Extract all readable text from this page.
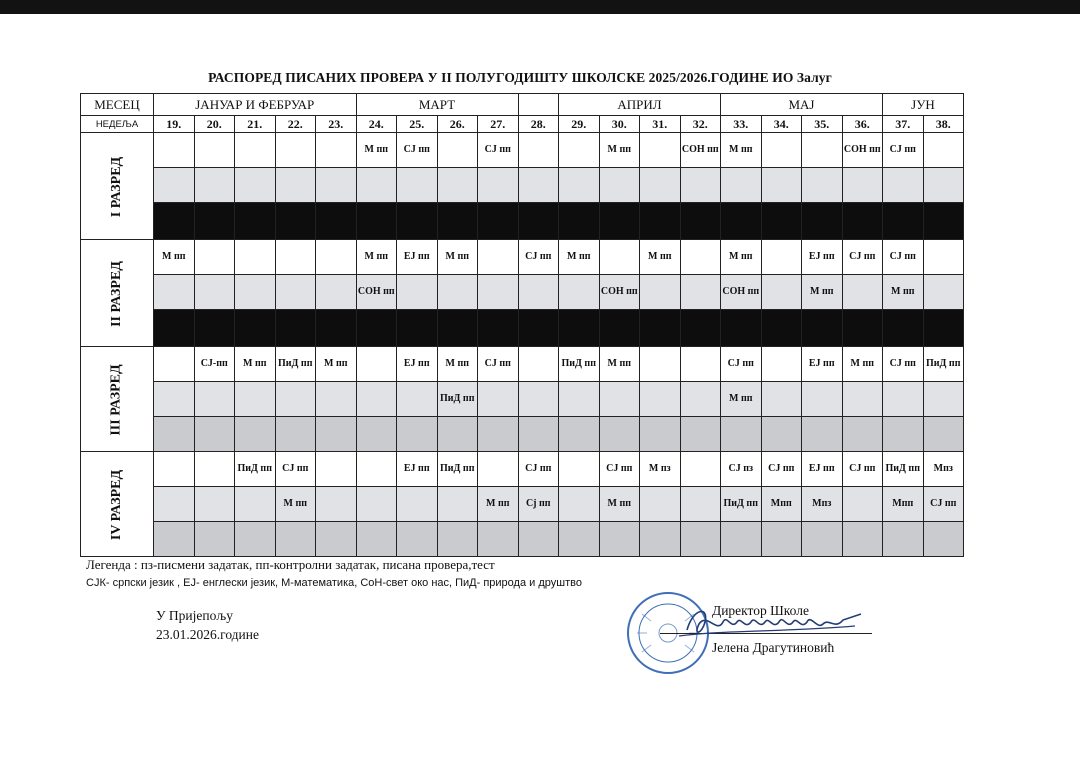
РАСПОРЕД ПИСАНИХ ПРОВЕРА У II ПОЛУГОДИШТУ ШКОЛСКЕ 2025/2026.ГОДИНЕ ИО Залуг
МЕСЕЦ	ЈАНУАР И ФЕБРУАР					МАРТ					АПРИЛ				МАЈ				ЈУН	
НЕДЕЉА	19.	20.	21.	22.	23.	24.	25.	26.	27.	28.	29.	30.	31.	32.	33.	34.	35.	36.	37.	38.
I РАЗРЕД						М пп	СЈ пп		СЈ пп			М пп		СОН пп	М пп			СОН пп	СЈ пп	

II РАЗРЕД	М пп					М пп	ЕЈ пп	М пп		СЈ пп	М пп		М пп		М пп		ЕЈ пп	СЈ пп	СЈ пп	
						СОН пп						СОН пп			СОН пп		М пп		М пп	

III РАЗРЕД		СЈ-пп	М пп	ПиД пп	М пп		ЕЈ пп	М пп	СЈ пп		ПиД пп	М пп			СЈ пп		ЕЈ пп	М пп	СЈ пп	ПиД пп
								ПиД пп							М пп					

IV РАЗРЕД			ПиД пп	СЈ пп			ЕЈ пп	ПиД пп		СЈ пп		СЈ пп	М пз		СЈ пз	СЈ пп	ЕЈ пп	СЈ пп	ПиД пп	Мпз
				М пп					М пп	Сј пп		М пп			ПиД пп	Мпп	Мпз		Мпп	СЈ пп

Легенда : пз-писмени задатак, пп-контролни задатак, писана провера,тест
СЈК- српски језик , ЕЈ- енглески језик, М-математика, СоН-свет око нас, ПиД- природа и друштво
У Пријепољу
23.01.2026.године
Директор Школе
Јелена Драгутиновић
